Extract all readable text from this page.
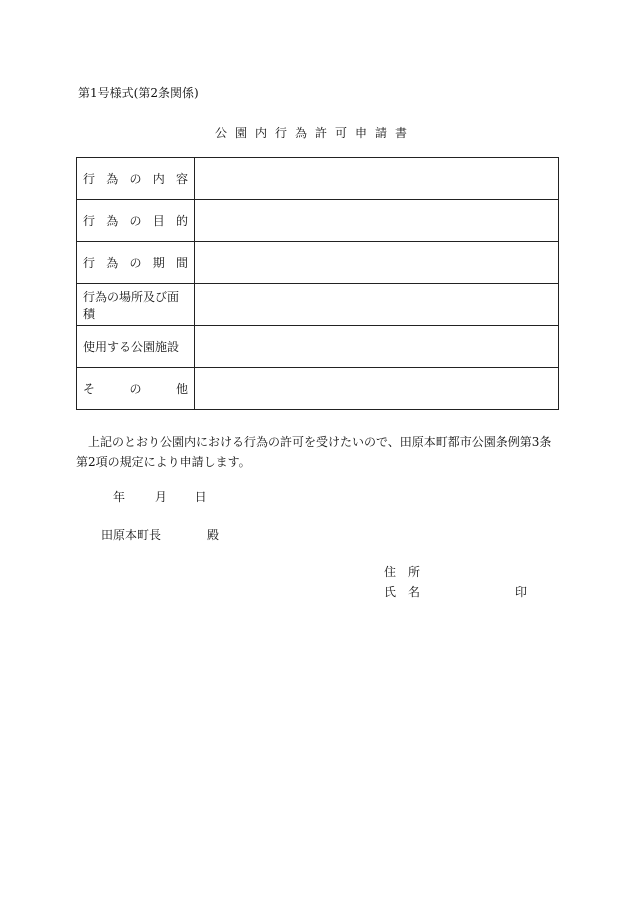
第1号様式(第2条関係)
公園内行為許可申請書
行 為 の 内 容	

行 為 の 目 的	

行 為 の 期 間	

行為の場所及び面積	

使用する公園施設	

そ の 他	

上記のとおり公園内における行為の許可を受けたいので、田原本町都市公園条例第3条第2項の規定により申請します。
年 月 日
田原本町長	殿
住　所
氏　名	印
